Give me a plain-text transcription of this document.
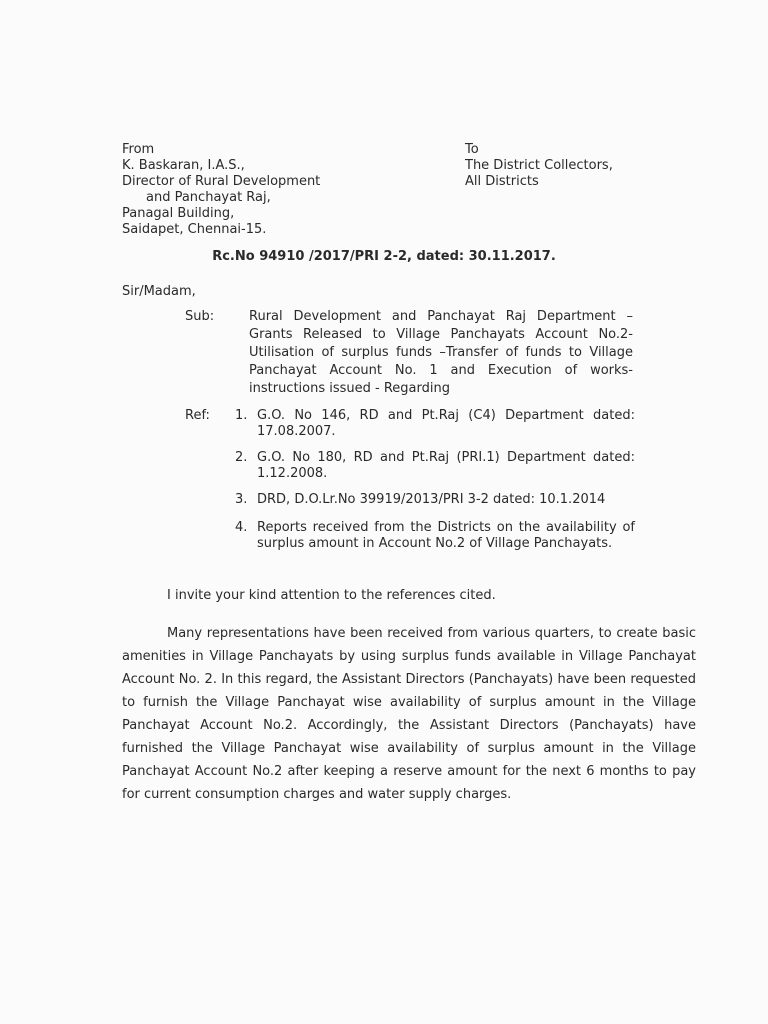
From
K. Baskaran, I.A.S.,
Director of Rural Development
and Panchayat Raj,
Panagal Building,
Saidapet, Chennai-15.
To
The District Collectors,
All Districts
Rc.No 94910 /2017/PRI 2-2, dated: 30.11.2017.
Sir/Madam,
Sub:	Rural Development and Panchayat Raj Department – Grants Released to Village Panchayats Account No.2- Utilisation of surplus funds –Transfer of funds to Village Panchayat Account No. 1 and Execution of works- instructions issued - Regarding
Ref: 1. G.O. No 146, RD and Pt.Raj (C4) Department dated: 17.08.2007.
2. G.O. No 180, RD and Pt.Raj (PRI.1) Department dated: 1.12.2008.
3. DRD, D.O.Lr.No 39919/2013/PRI 3-2 dated: 10.1.2014
4. Reports received from the Districts on the availability of surplus amount in Account No.2 of Village Panchayats.
I invite your kind attention to the references cited.
Many representations have been received from various quarters, to create basic amenities in Village Panchayats by using surplus funds available in Village Panchayat Account No. 2. In this regard, the Assistant Directors (Panchayats) have been requested to furnish the Village Panchayat wise availability of surplus amount in the Village Panchayat Account No.2. Accordingly, the Assistant Directors (Panchayats) have furnished the Village Panchayat wise availability of surplus amount in the Village Panchayat Account No.2 after keeping a reserve amount for the next 6 months to pay for current consumption charges and water supply charges.
